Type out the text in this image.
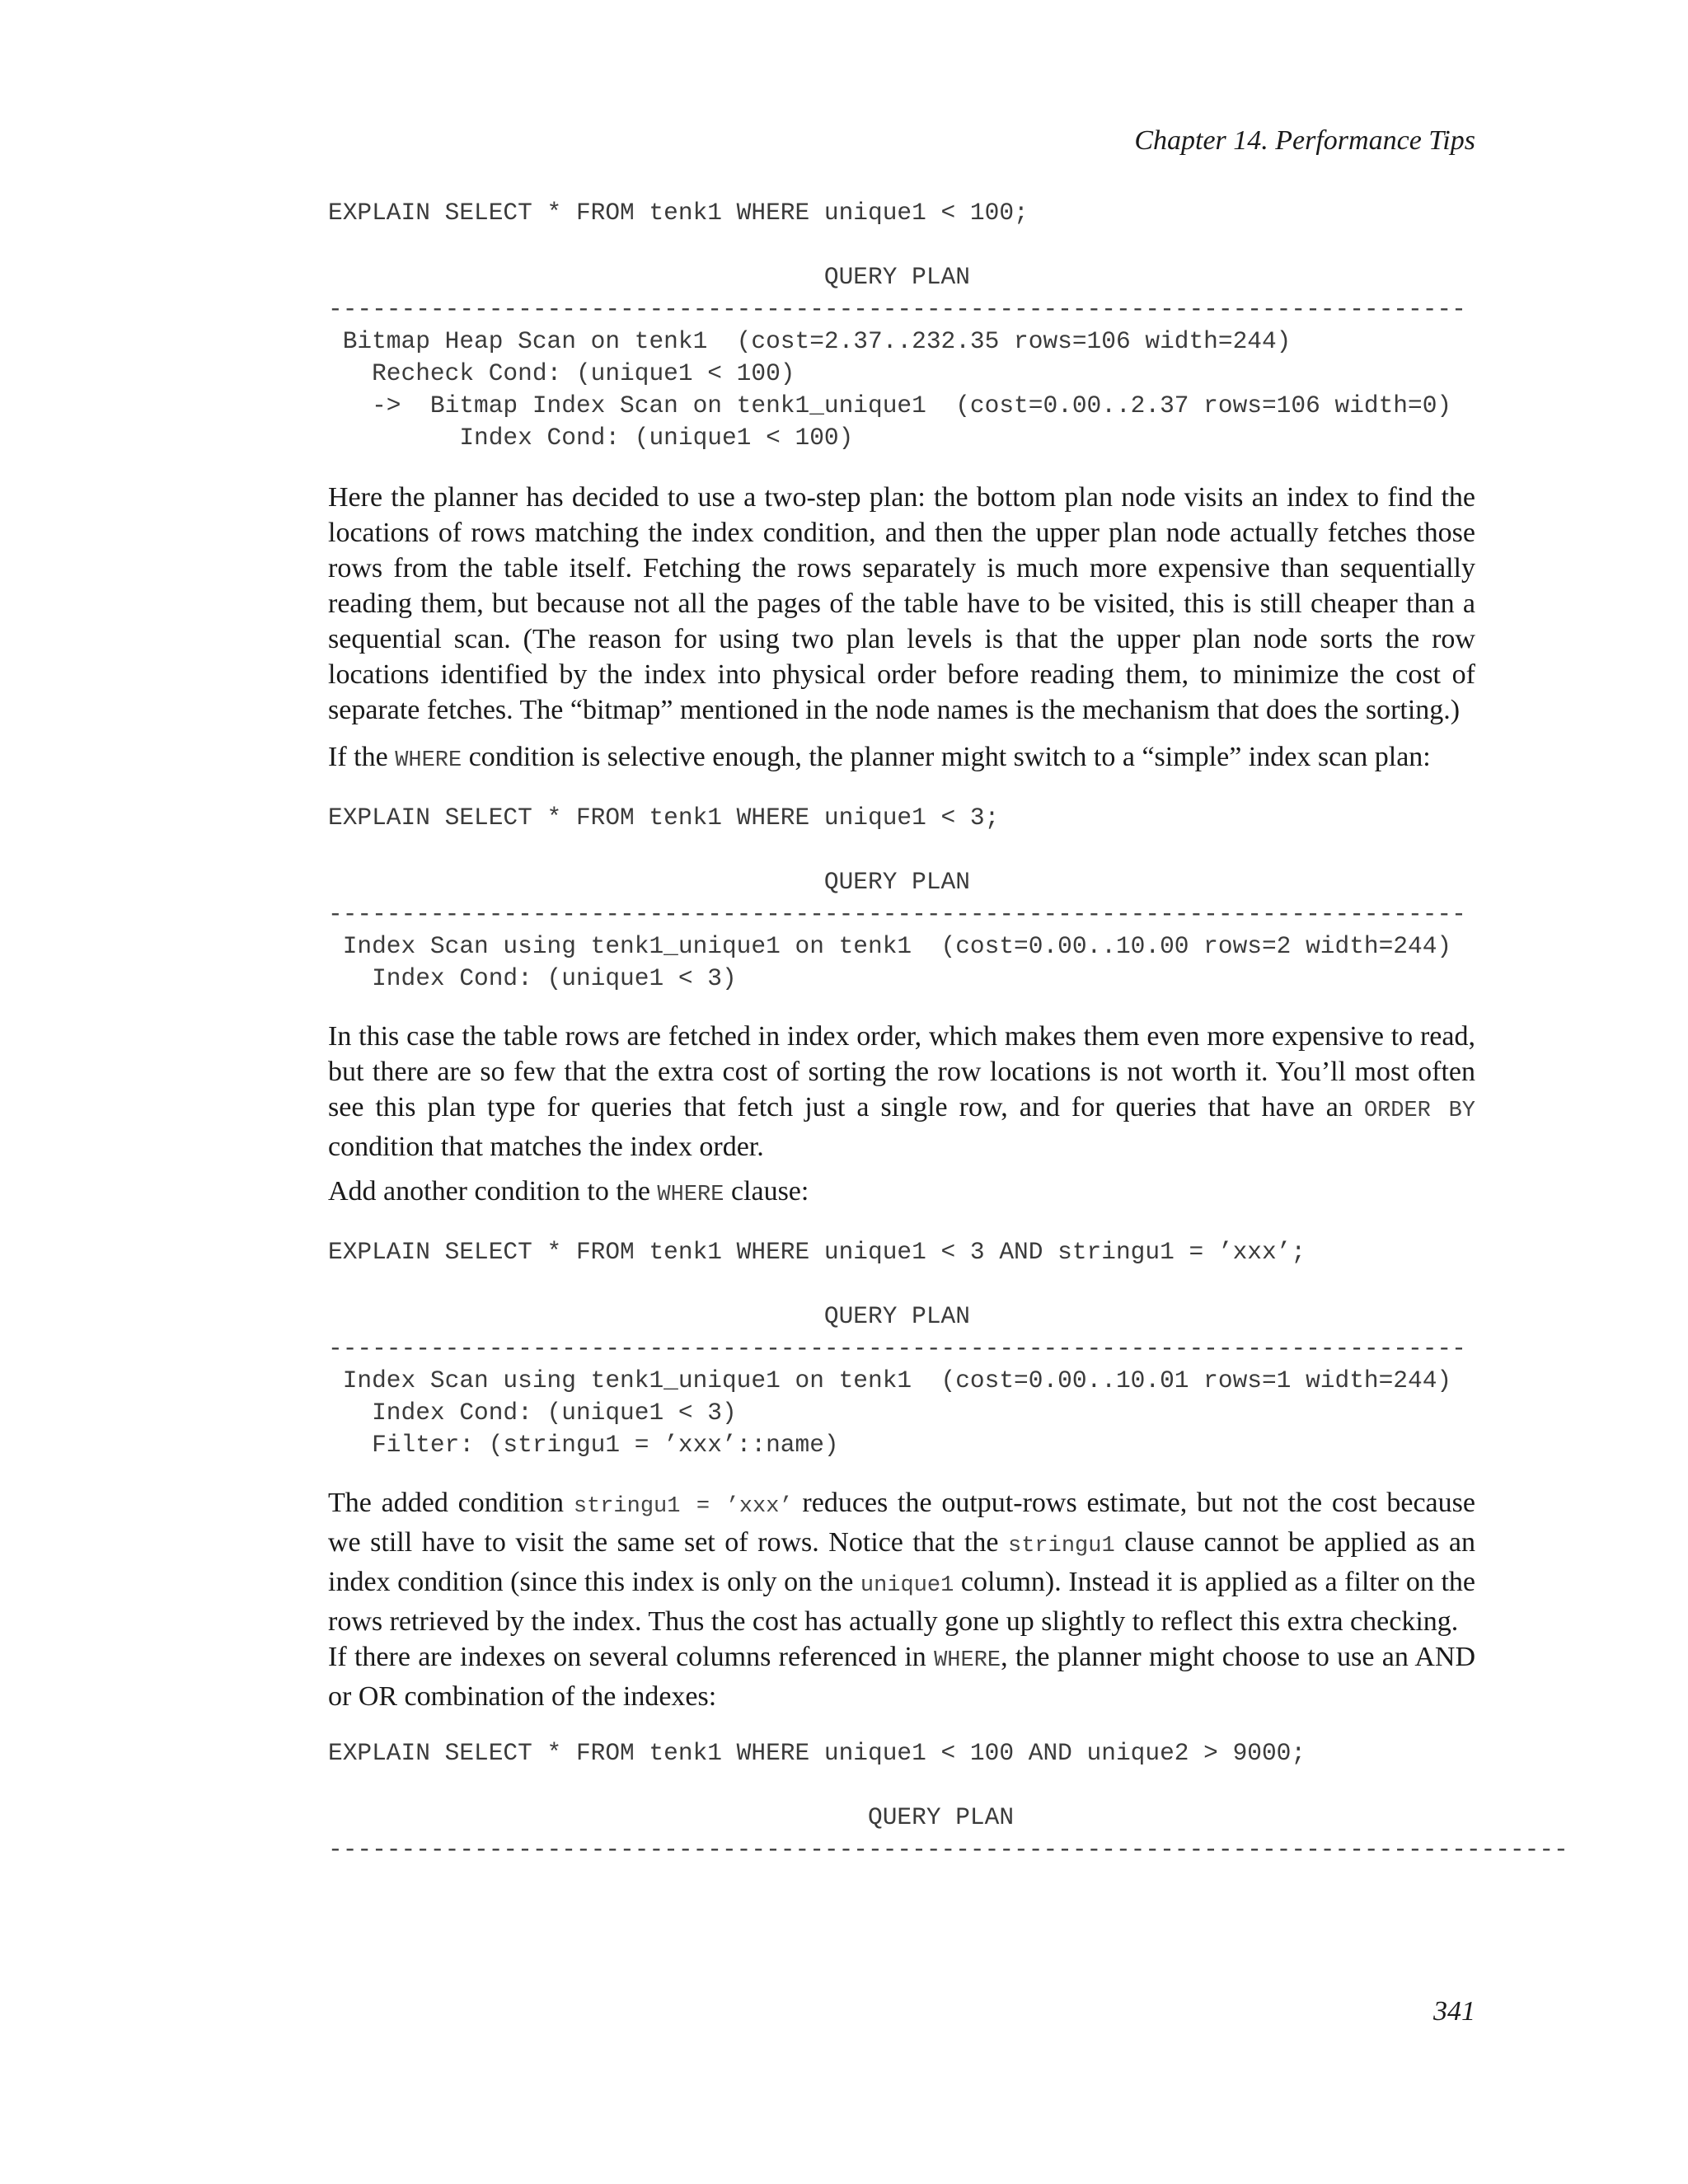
Chapter 14. Performance Tips
EXPLAIN SELECT * FROM tenk1 WHERE unique1 < 100;

QUERY PLAN
------------------------------------------------------------------------------
Bitmap Heap Scan on tenk1  (cost=2.37..232.35 rows=106 width=244)
Recheck Cond: (unique1 < 100)
->  Bitmap Index Scan on tenk1_unique1  (cost=0.00..2.37 rows=106 width=0)
Index Cond: (unique1 < 100)

Here the planner has decided to use a two-step plan: the bottom plan node visits an index to find the locations of rows matching the index condition, and then the upper plan node actually fetches those rows from the table itself. Fetching the rows separately is much more expensive than sequentially reading them, but because not all the pages of the table have to be visited, this is still cheaper than a sequential scan. (The reason for using two plan levels is that the upper plan node sorts the row locations identified by the index into physical order before reading them, to minimize the cost of separate fetches. The “bitmap” mentioned in the node names is the mechanism that does the sorting.)

If the WHERE condition is selective enough, the planner might switch to a “simple” index scan plan:

EXPLAIN SELECT * FROM tenk1 WHERE unique1 < 3;

QUERY PLAN
------------------------------------------------------------------------------
Index Scan using tenk1_unique1 on tenk1  (cost=0.00..10.00 rows=2 width=244)
Index Cond: (unique1 < 3)

In this case the table rows are fetched in index order, which makes them even more expensive to read, but there are so few that the extra cost of sorting the row locations is not worth it. You’ll most often see this plan type for queries that fetch just a single row, and for queries that have an ORDER BY condition that matches the index order.

Add another condition to the WHERE clause:

EXPLAIN SELECT * FROM tenk1 WHERE unique1 < 3 AND stringu1 = ’xxx’;

QUERY PLAN
------------------------------------------------------------------------------
Index Scan using tenk1_unique1 on tenk1  (cost=0.00..10.01 rows=1 width=244)
Index Cond: (unique1 < 3)
Filter: (stringu1 = ’xxx’::name)

The added condition stringu1 = ’xxx’ reduces the output-rows estimate, but not the cost because we still have to visit the same set of rows. Notice that the stringu1 clause cannot be applied as an index condition (since this index is only on the unique1 column). Instead it is applied as a filter on the rows retrieved by the index. Thus the cost has actually gone up slightly to reflect this extra checking.

If there are indexes on several columns referenced in WHERE, the planner might choose to use an AND or OR combination of the indexes:

EXPLAIN SELECT * FROM tenk1 WHERE unique1 < 100 AND unique2 > 9000;

QUERY PLAN
-------------------------------------------------------------------------------------
341
